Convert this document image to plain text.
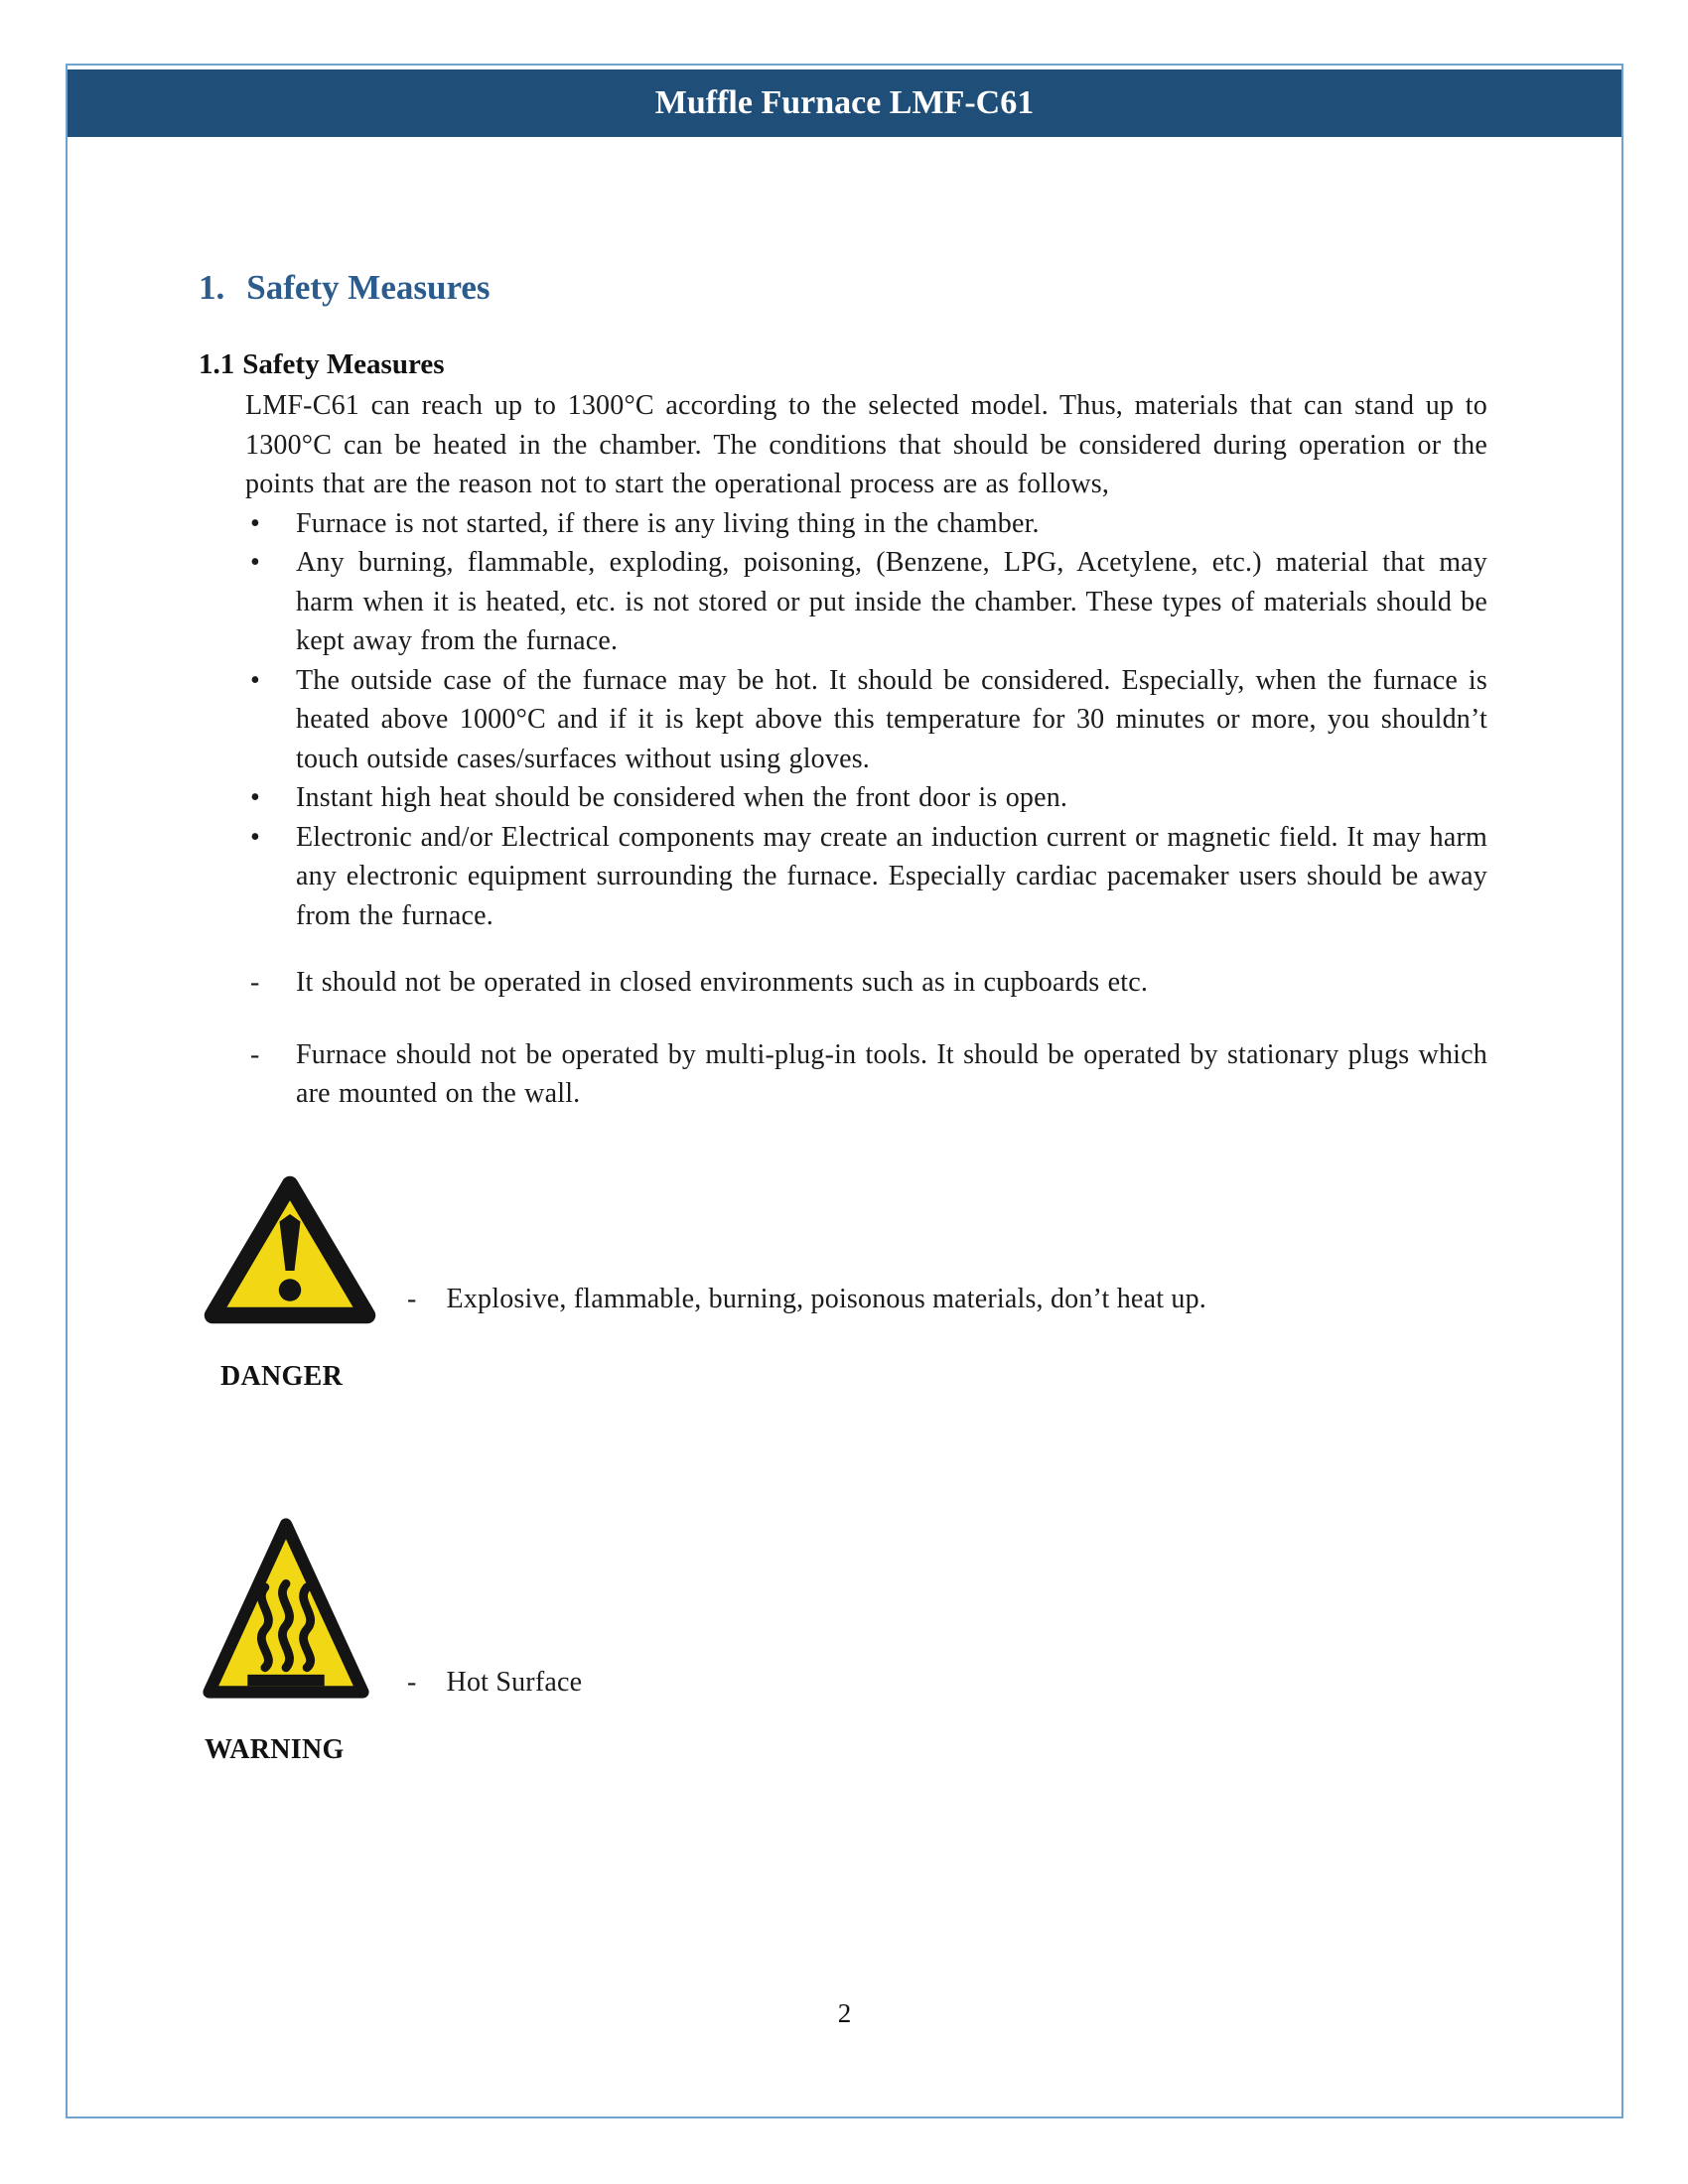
Muffle Furnace LMF-C61
1. Safety Measures
1.1 Safety Measures

LMF-C61 can reach up to 1300°C according to the selected model. Thus, materials that can stand up to 1300°C can be heated in the chamber. The conditions that should be considered during operation or the points that are the reason not to start the operational process are as follows,

• Furnace is not started, if there is any living thing in the chamber.
• Any burning, flammable, exploding, poisoning, (Benzene, LPG, Acetylene, etc.) material that may harm when it is heated, etc. is not stored or put inside the chamber. These types of materials should be kept away from the furnace.
• The outside case of the furnace may be hot. It should be considered. Especially, when the furnace is heated above 1000°C and if it is kept above this temperature for 30 minutes or more, you shouldn’t touch outside cases/surfaces without using gloves.
• Instant high heat should be considered when the front door is open.
• Electronic and/or Electrical components may create an induction current or magnetic field. It may harm any electronic equipment surrounding the furnace. Especially cardiac pacemaker users should be away from the furnace.

- It should not be operated in closed environments such as in cupboards etc.

- Furnace should not be operated by multi-plug-in tools. It should be operated by stationary plugs which are mounted on the wall.

- Explosive, flammable, burning, poisonous materials, don’t heat up.
DANGER
- Hot Surface
WARNING
2
